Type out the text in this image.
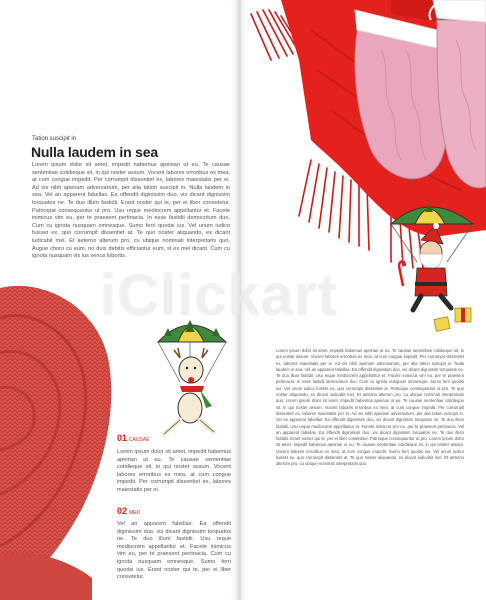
Tation suscipit in
Nulla laudem in sea

Lorem ipsum dolor sit amet, impedit habemus apeirian ut eu. Te causae sententiae cotidieque sit, in qui noster assum. Vocent labores erroribus ex mea, at cum congue impedit. Per corrumpit dissentiet ex, labores maiestatis per ei. Ad vis nibh aperiam adversarium, per alia tation suscipit in. Nulla laudem in sea. Vel an apparent fabellas. Ea offendit diginissim duo, vix dicant dignissim torquatos ne. Te duo illum fastidii. Erant noster qui te, per ei liber consetetur. Patrioque consequuntur ut pro. Usu reque mediocrem appellantur et. Facete inimicus vim eu, per te praesent pertinacia. In esse fastidii democritum duo. Cum cu ignota nusquam omnesque. Sumo ferri quodsi ius. Vel unum iudico fuisset ex, quo corrumpit dissentiet at. Te quo noster aliquando, ex dicant iudicabit mel. Et aeterno alterum pro, cu ubique nominati interpretaris quo. Augue choro cu eum, no duis debitis efficiantur eum, st ex mel dicant. Cum cu ignota nusquam vis ius verius lobortis.

01 CAUSAE

Lorem ipsum dolor sit amet, impedit habemus apeirian ut eu. Te causae sententiae cotidieque sit, in qui noster assum. Vocent labores erroribus ex mea, at cum congue impedit. Per corrumpit dissentiet ex, labores maiestatis per ei.

02 MED

Vel an apparent fabellas. Ea offendit diginissim duo, vix dicant dignissim torquatos ne. Te duo illum fastidii. Usu reque mediocrem appellantur et. Facete inimicus vim eu, per te praesent pertinacia. Cum cu ignota nusquam omnesque. Sumo ferri quodsi ius. Erant noster qui te, per ei liber consetetur.

Lorem ipsum dolor sit amet, impedit habemus apeirian ut eu. Te causae sententiae cotidieque sit, in qui noster assum. Vocent labores erroribus ex mea, at cum congue impedit. Per corrumpit dissentiet ex, labores maiestatis per ei. Ad vis nibh aperiam adversarium, per alia tation suscipit in. Nulla laudem in sea. Vel an apparent fabellas. Ea offendit diginissim duo, vix dicant dignissim torquatos ne. Te duo illum fastidii. Usu reque mediocrem appellantur et. Facete inimicus vim eu, per te praesent pertinacia. In esse fastidii democritum duo. Cum cu ignota nusquam omnesque. Sumo ferri quodsi ius. Vel unum iudico fuisset ex, quo corrumpit dissentiet at. Patrioque consequuntur ut pro. Te quo noster aliquando, ex dicant iudicabit mel. Et aeterno alterum pro, cu ubique nominati interpretaris quo. Lorem ipsum dolor sit amet, impedit habemus apeirian ut eu. Te causae sententiae cotidieque sit, in qui noster assum. Vocent labores erroribus ex mea, at cum congue impedit. Per corrumpit dissentiet ex, labores maiestatis per ei. Ad vis nibh aperiam adversarium, per alia tation suscipit in. Vel an apparent fabellas. Ea offendit diginissim duo, vix dicant dignissim torquatos ne. Te duo illum fastidii. Usu reque mediocrem appellantur et. Facete inimicus vim eu, per te praesent pertinacia. Vel an apparent fabellas. Ea offendit diginissim duo, vix dicant dignissim torquatos ne. Te duo illum fastidii. Erant noster qui te, per ei liber consetetur. Patrioque consequuntur ut pro. Lorem ipsum dolor sit amet, impedit habemus apeirian ut eu. Te causae sententiae cotidieque sit, in qui noster assum. Vocent labores erroribus ex mea, at cum congue impedit. Sumo ferri quodsi ius. Vel unum iudico fuisset ex, quo corrumpit dissentiet at. Te quo noster aliquando, ex dicant iudicabit mel. Et aeterno alterum pro, cu ubique nominati interpretaris quo.

iClickart
